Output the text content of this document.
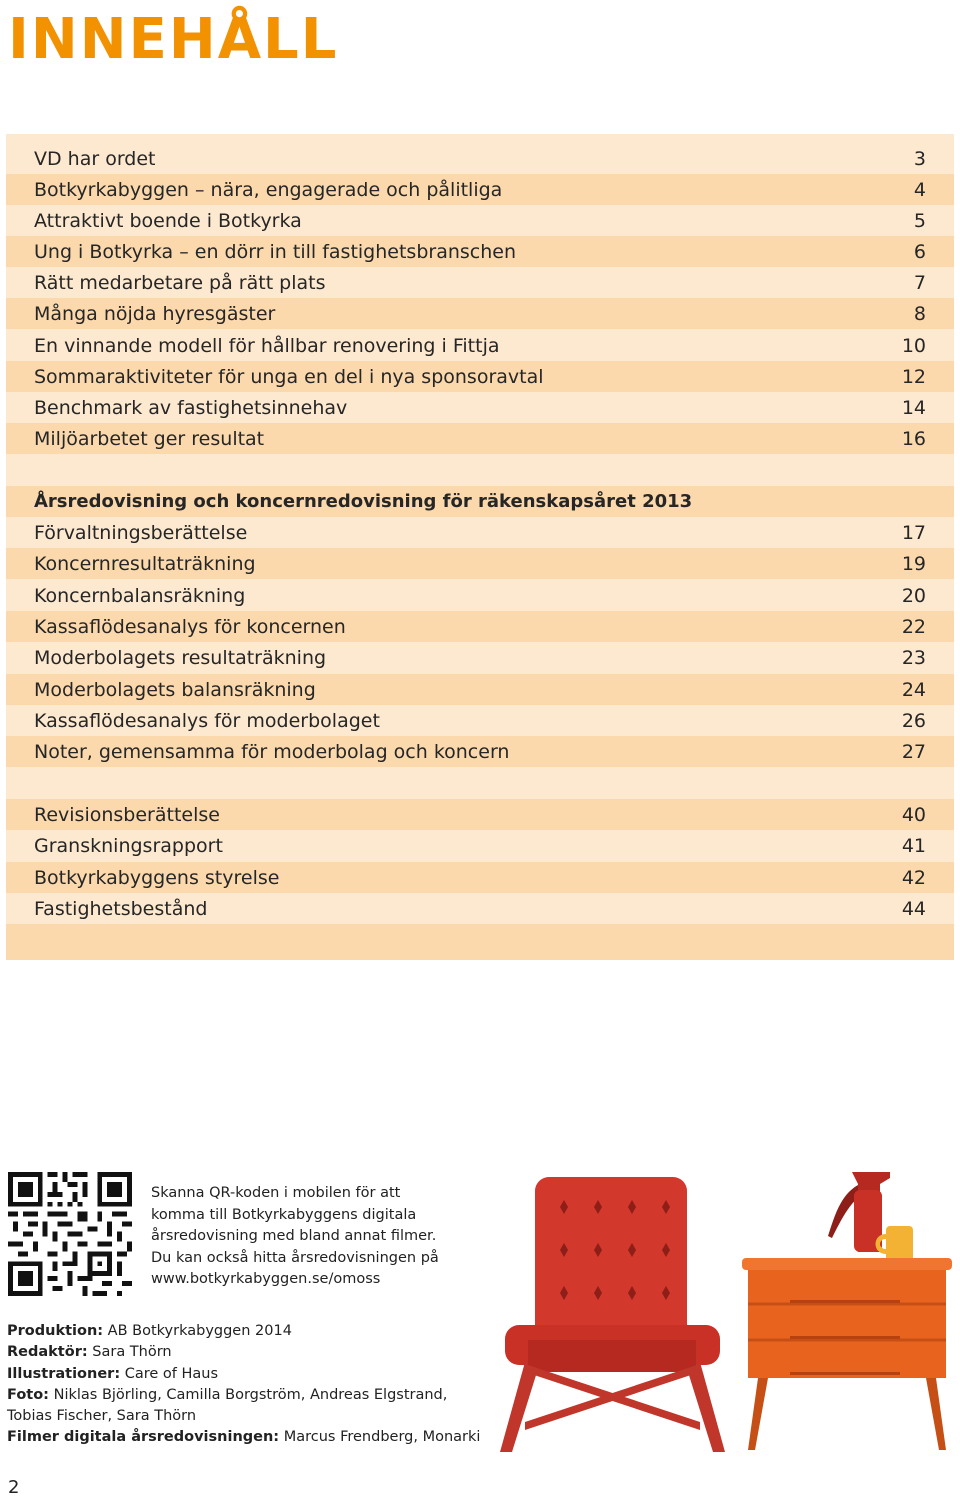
INNEHÅLL
VD har ordet	3
Botkyrkabyggen – nära, engagerade och pålitliga	4
Attraktivt boende i Botkyrka	5
Ung i Botkyrka – en dörr in till fastighetsbranschen	6
Rätt medarbetare på rätt plats	7
Många nöjda hyresgäster	8
En vinnande modell för hållbar renovering i Fittja	10
Sommaraktiviteter för unga en del i nya sponsoravtal	12
Benchmark av fastighetsinnehav	14
Miljöarbetet ger resultat	16
Årsredovisning och koncernredovisning för räkenskapsåret 2013
Förvaltningsberättelse	17
Koncernresultaträkning	19
Koncernbalansräkning	20
Kassaflödesanalys för koncernen	22
Moderbolagets resultaträkning	23
Moderbolagets balansräkning	24
Kassaflödesanalys för moderbolaget	26
Noter, gemensamma för moderbolag och koncern	27
Revisionsberättelse	40
Granskningsrapport	41
Botkyrkabyggens styrelse	42
Fastighetsbestånd	44
Skanna QR-koden i mobilen för att
komma till Botkyrkabyggens digitala
årsredovisning med bland annat filmer.
Du kan också hitta årsredovisningen på
www.botkyrkabyggen.se/omoss
Produktion: AB Botkyrkabyggen 2014
Redaktör: Sara Thörn
Illustrationer: Care of Haus
Foto: Niklas Björling, Camilla Borgström, Andreas Elgstrand,
Tobias Fischer, Sara Thörn
Filmer digitala årsredovisningen: Marcus Frendberg, Monarki
2
